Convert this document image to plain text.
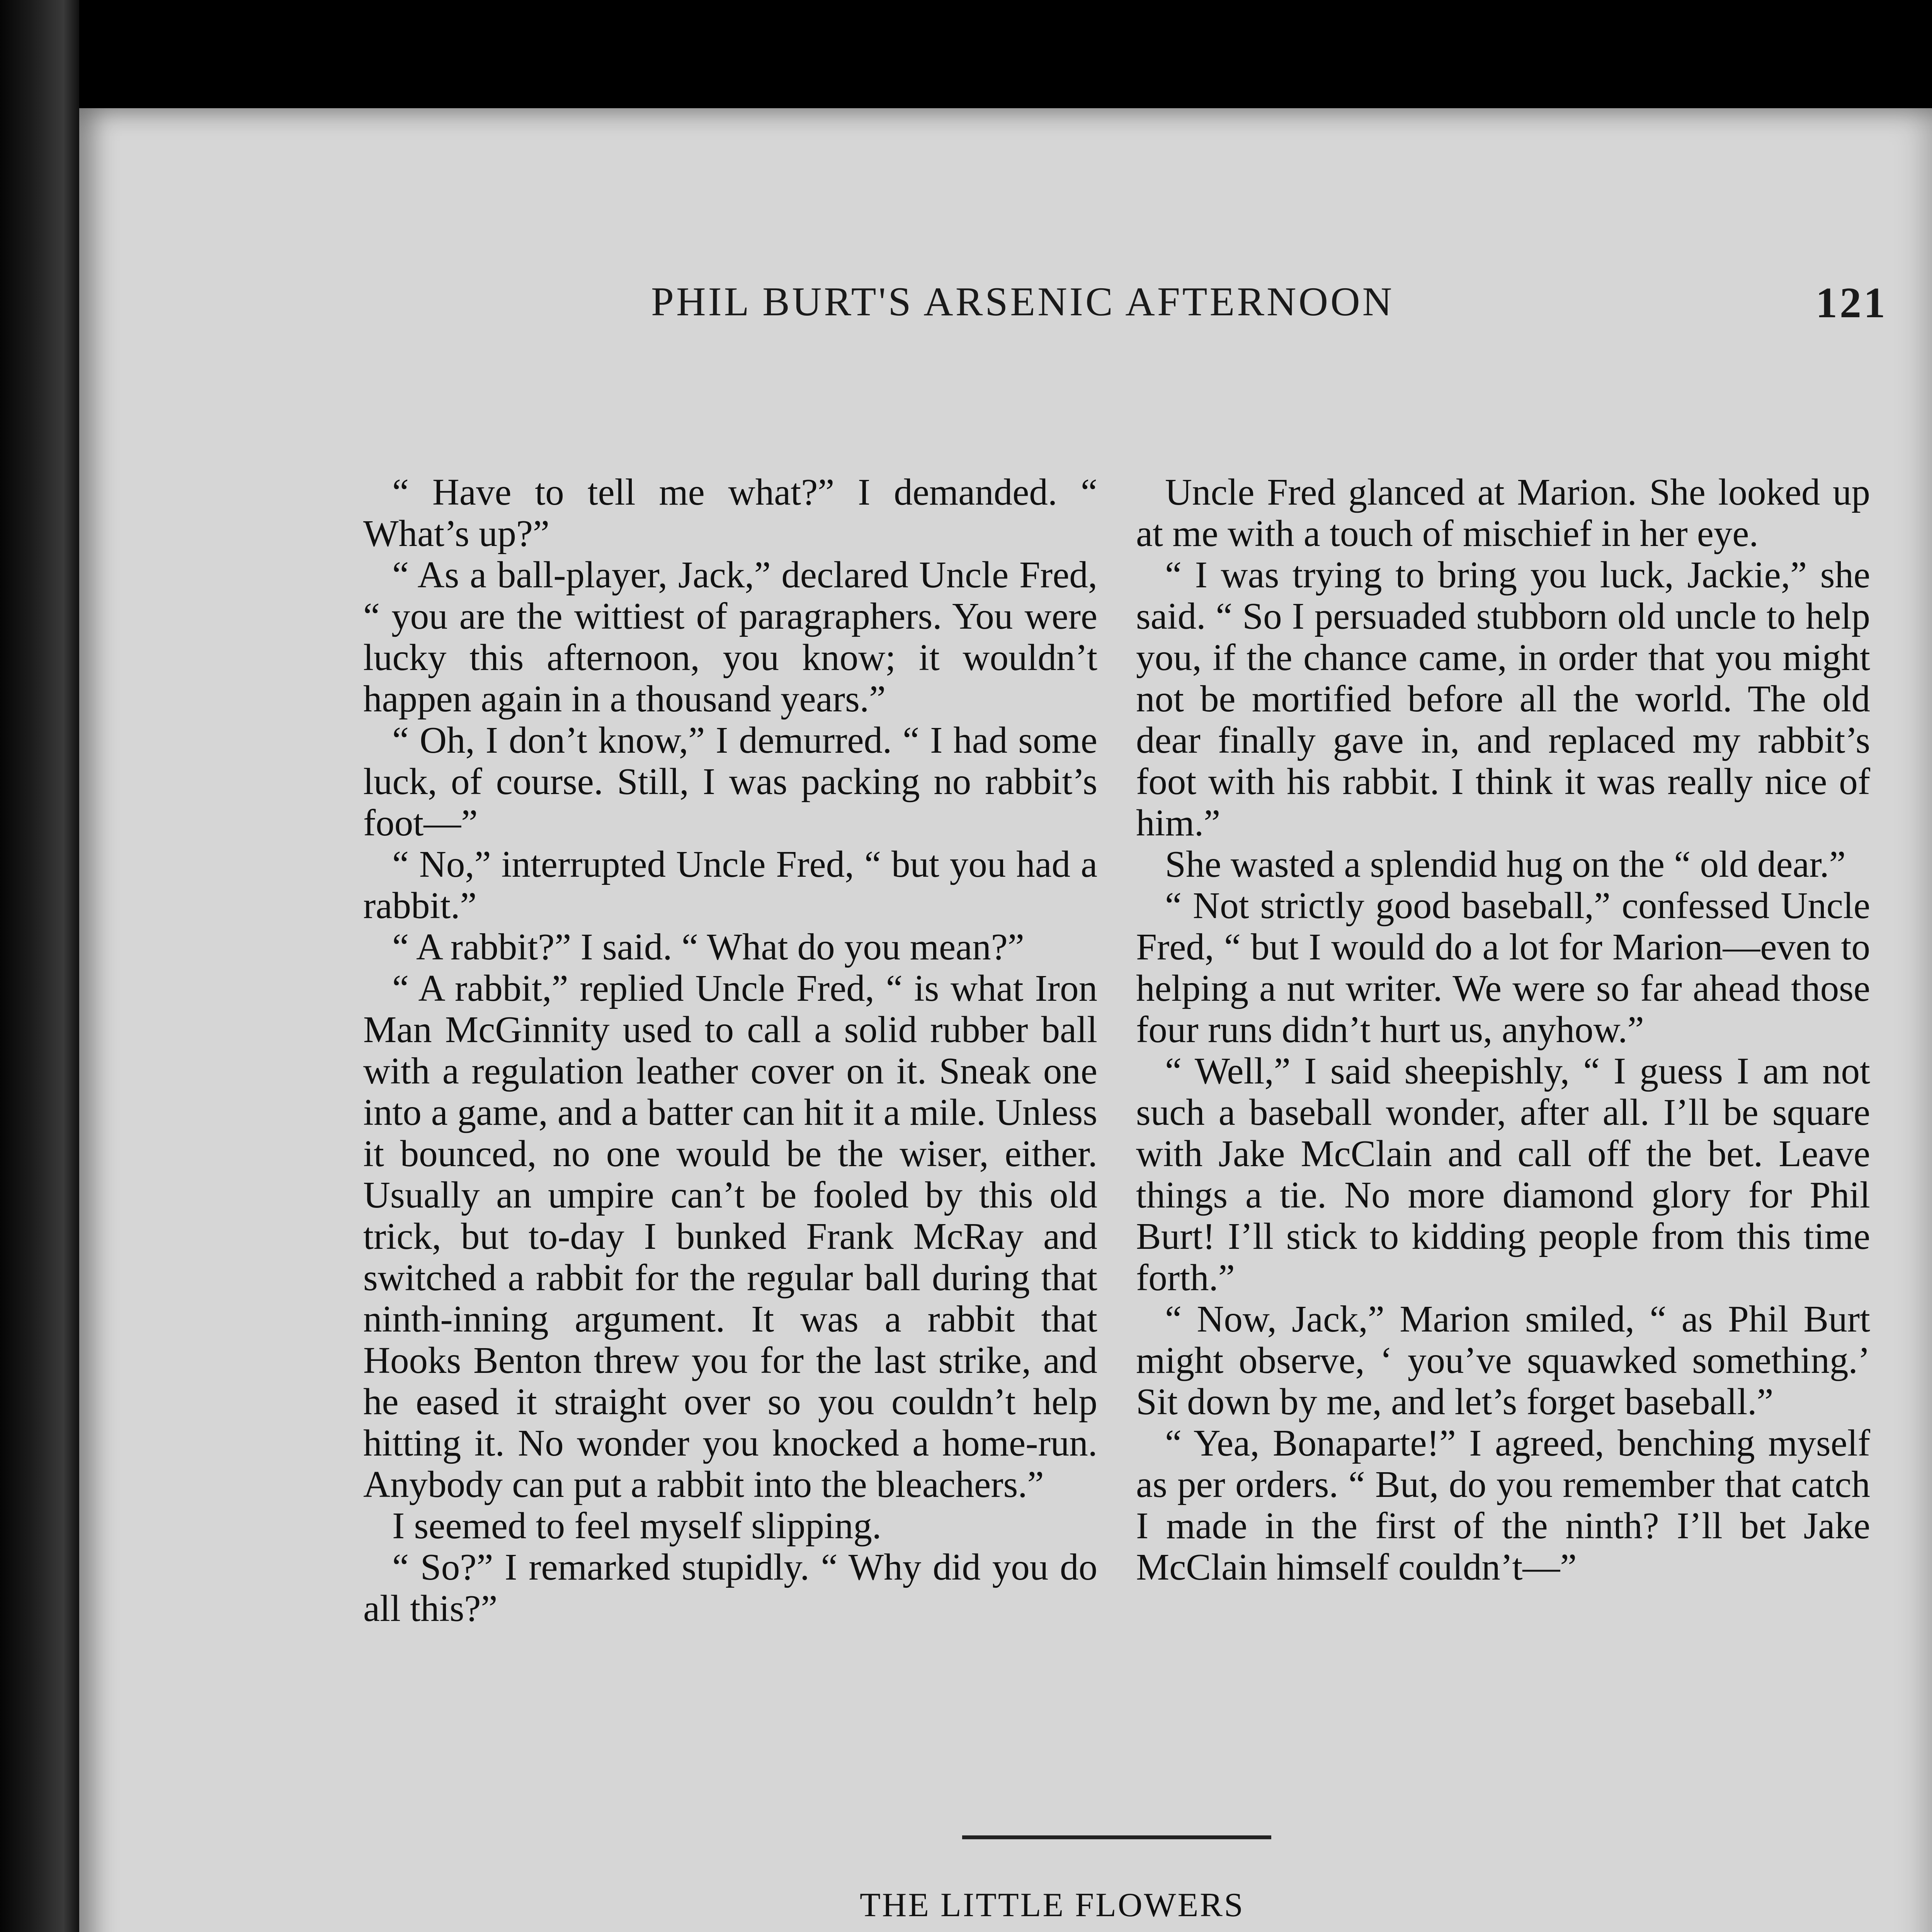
PHIL BURT'S ARSENIC AFTERNOON	121

“ Have to tell me what?” I demanded. “ What’s up?”

“ As a ball-player, Jack,” declared Uncle Fred, “ you are the wittiest of paragraphers. You were lucky this afternoon, you know; it wouldn’t happen again in a thousand years.”

“ Oh, I don’t know,” I demurred. “ I had some luck, of course. Still, I was packing no rabbit’s foot—”

“ No,” interrupted Uncle Fred, “ but you had a rabbit.”

“ A rabbit?” I said. “ What do you mean?”

“ A rabbit,” replied Uncle Fred, “ is what Iron Man McGinnity used to call a solid rubber ball with a regulation leather cover on it. Sneak one into a game, and a batter can hit it a mile. Unless it bounced, no one would be the wiser, either. Usually an umpire can’t be fooled by this old trick, but to-day I bunked Frank McRay and switched a rabbit for the regular ball during that ninth-inning argument. It was a rabbit that Hooks Benton threw you for the last strike, and he eased it straight over so you couldn’t help hitting it. No wonder you knocked a home-run. Anybody can put a rabbit into the bleachers.”

I seemed to feel myself slipping.

“ So?” I remarked stupidly. “ Why did you do all this?”

Uncle Fred glanced at Marion. She looked up at me with a touch of mischief in her eye.

“ I was trying to bring you luck, Jackie,” she said. “ So I persuaded stubborn old uncle to help you, if the chance came, in order that you might not be mortified before all the world. The old dear finally gave in, and replaced my rabbit’s foot with his rabbit. I think it was really nice of him.”

She wasted a splendid hug on the “ old dear.”

“ Not strictly good baseball,” confessed Uncle Fred, “ but I would do a lot for Marion—even to helping a nut writer. We were so far ahead those four runs didn’t hurt us, anyhow.”

“ Well,” I said sheepishly, “ I guess I am not such a baseball wonder, after all. I’ll be square with Jake McClain and call off the bet. Leave things a tie. No more diamond glory for Phil Burt! I’ll stick to kidding people from this time forth.”

“ Now, Jack,” Marion smiled, “ as Phil Burt might observe, ‘ you’ve squawked something.’ Sit down by me, and let’s forget baseball.”

“ Yea, Bonaparte!” I agreed, benching myself as per orders. “ But, do you remember that catch I made in the first of the ninth? I’ll bet Jake McClain himself couldn’t—”

THE LITTLE FLOWERS
